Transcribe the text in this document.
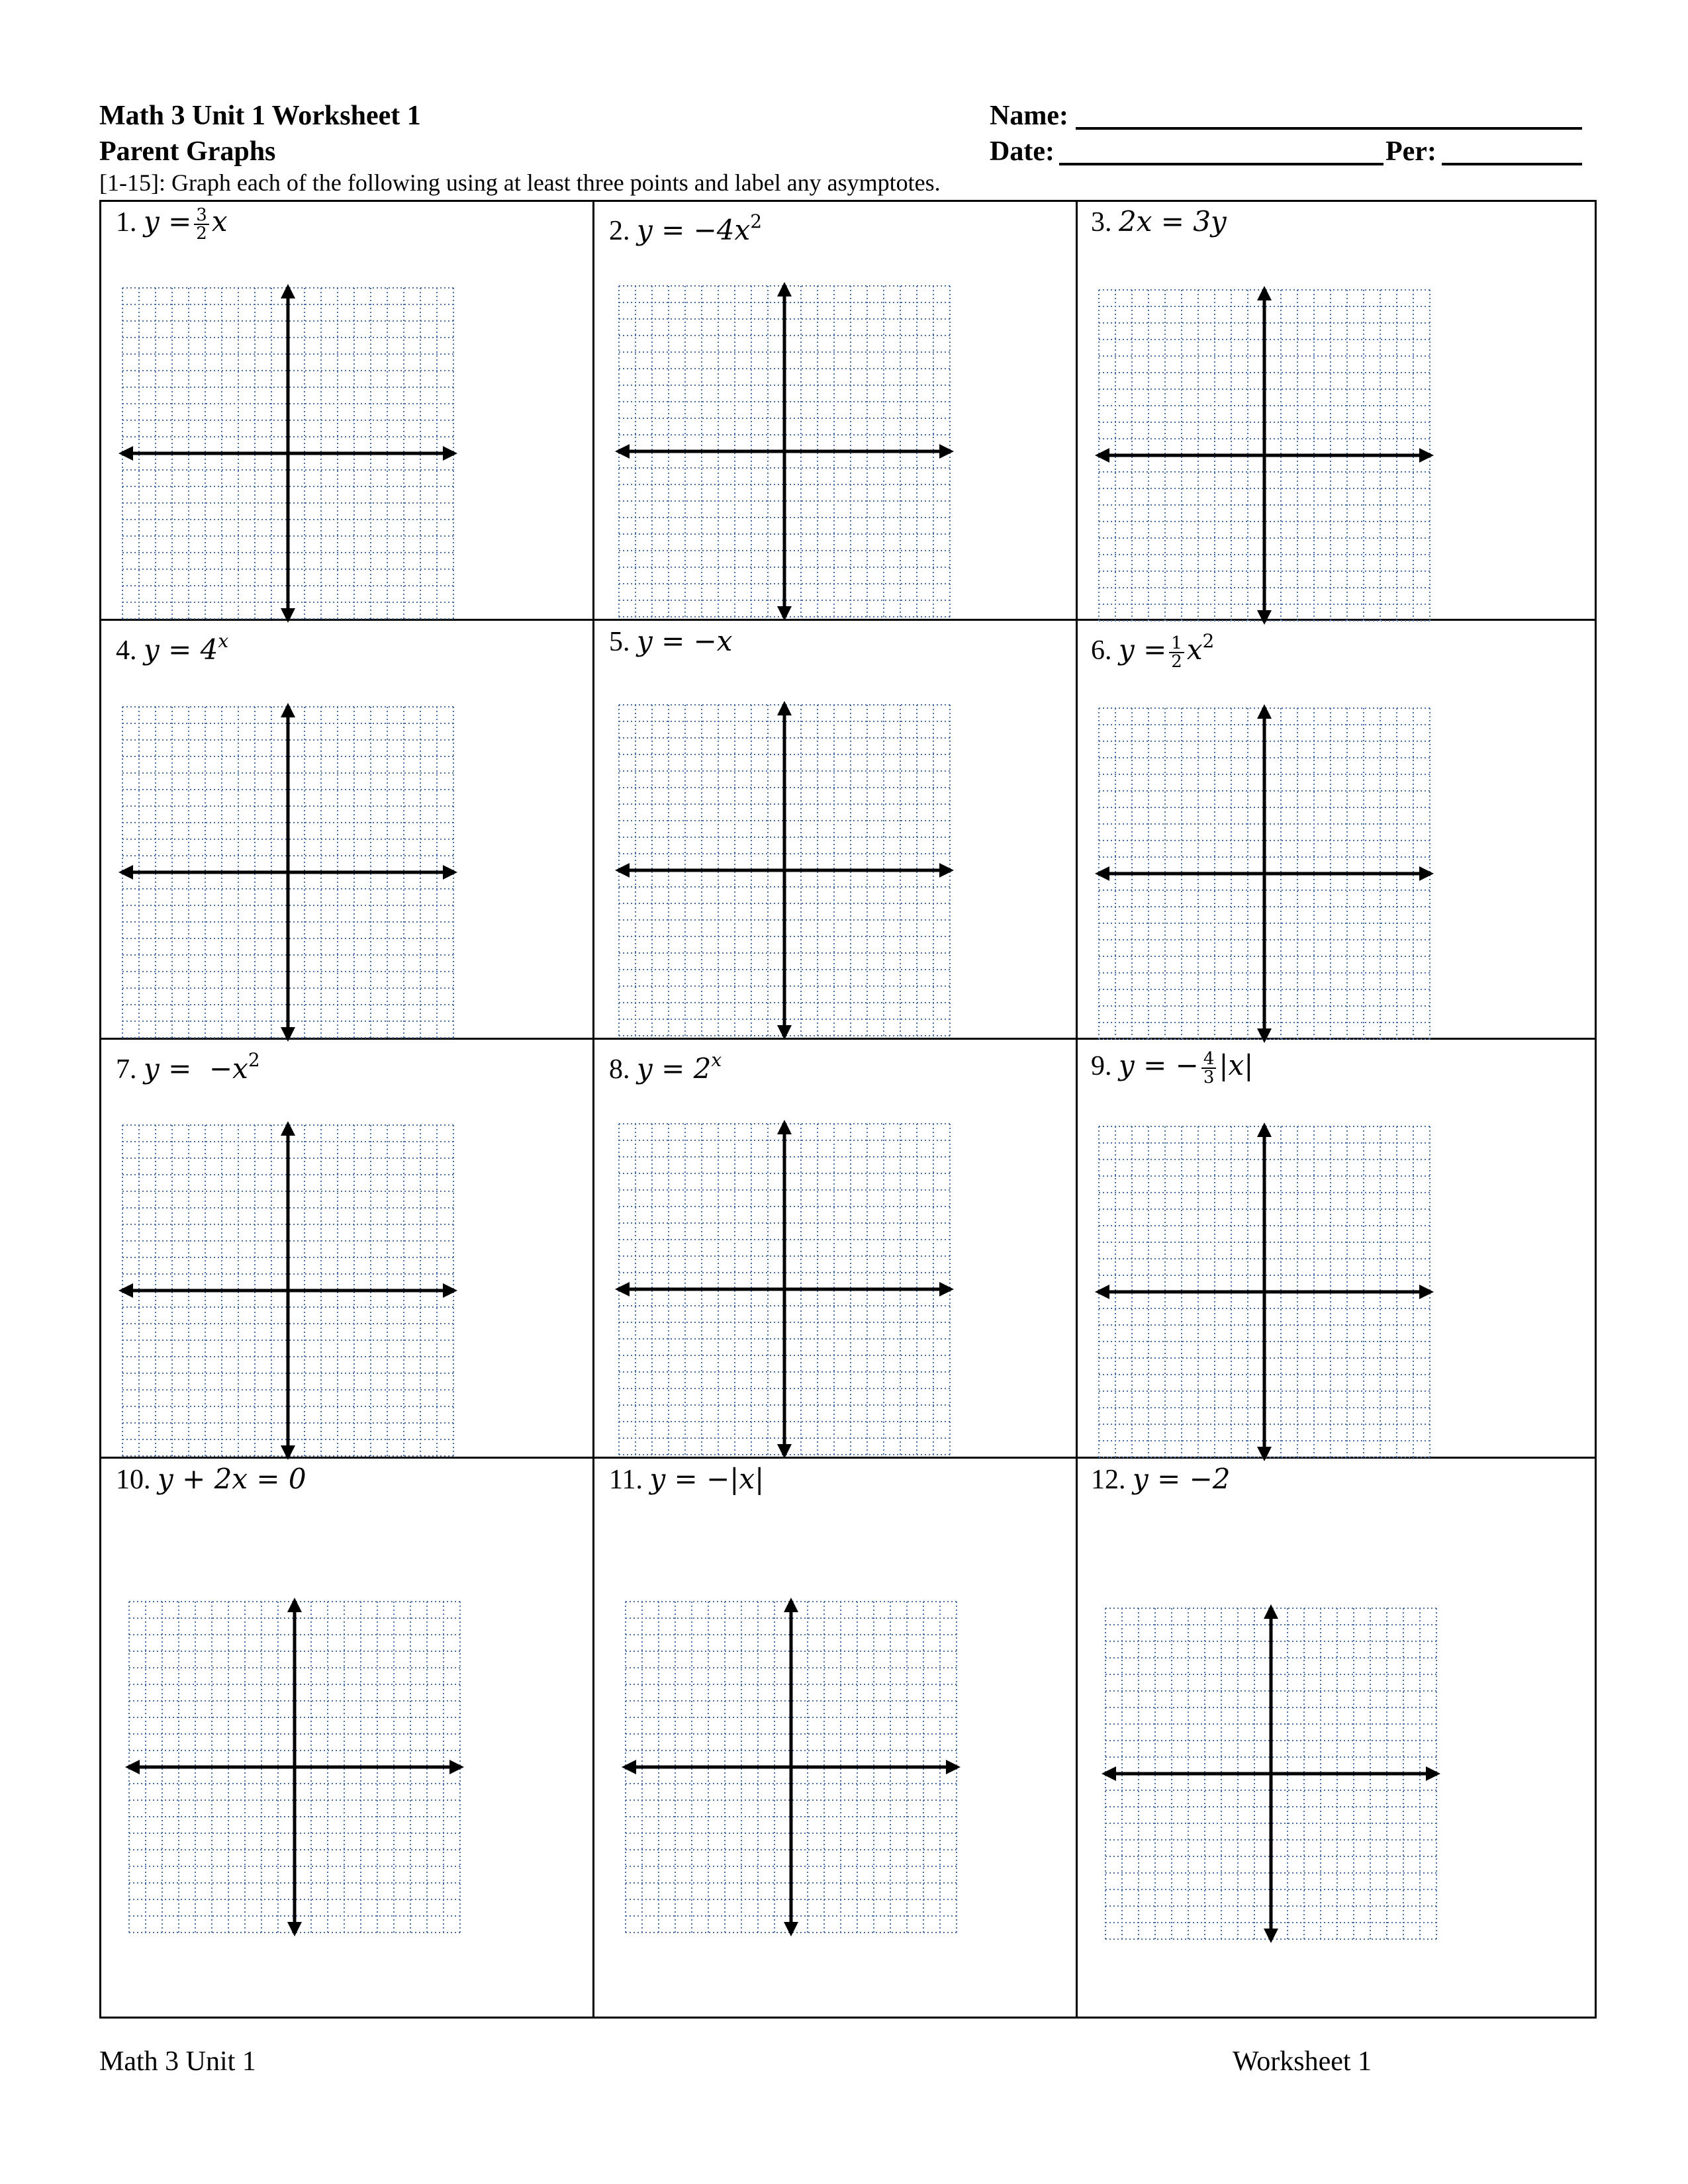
Math 3 Unit 1 Worksheet 1
Parent Graphs
Name:
Date:	Per:
[1-15]: Graph each of the following using at least three points and label any asymptotes.
1. $y = \frac{3}{2}$ x	2. $y = -4x^2$	3. 2x = 3y
4. $y = 4^x$	5. y = −x	6. $y = \frac{1}{2} x^2$
7. $y = -x^2$	8. $y = 2^x$	9. y = − $\frac{4}{3} |x|$
10. y + 2x = 0	11. y = −|x|	12. y = −2
Math 3 Unit 1	Worksheet 1
